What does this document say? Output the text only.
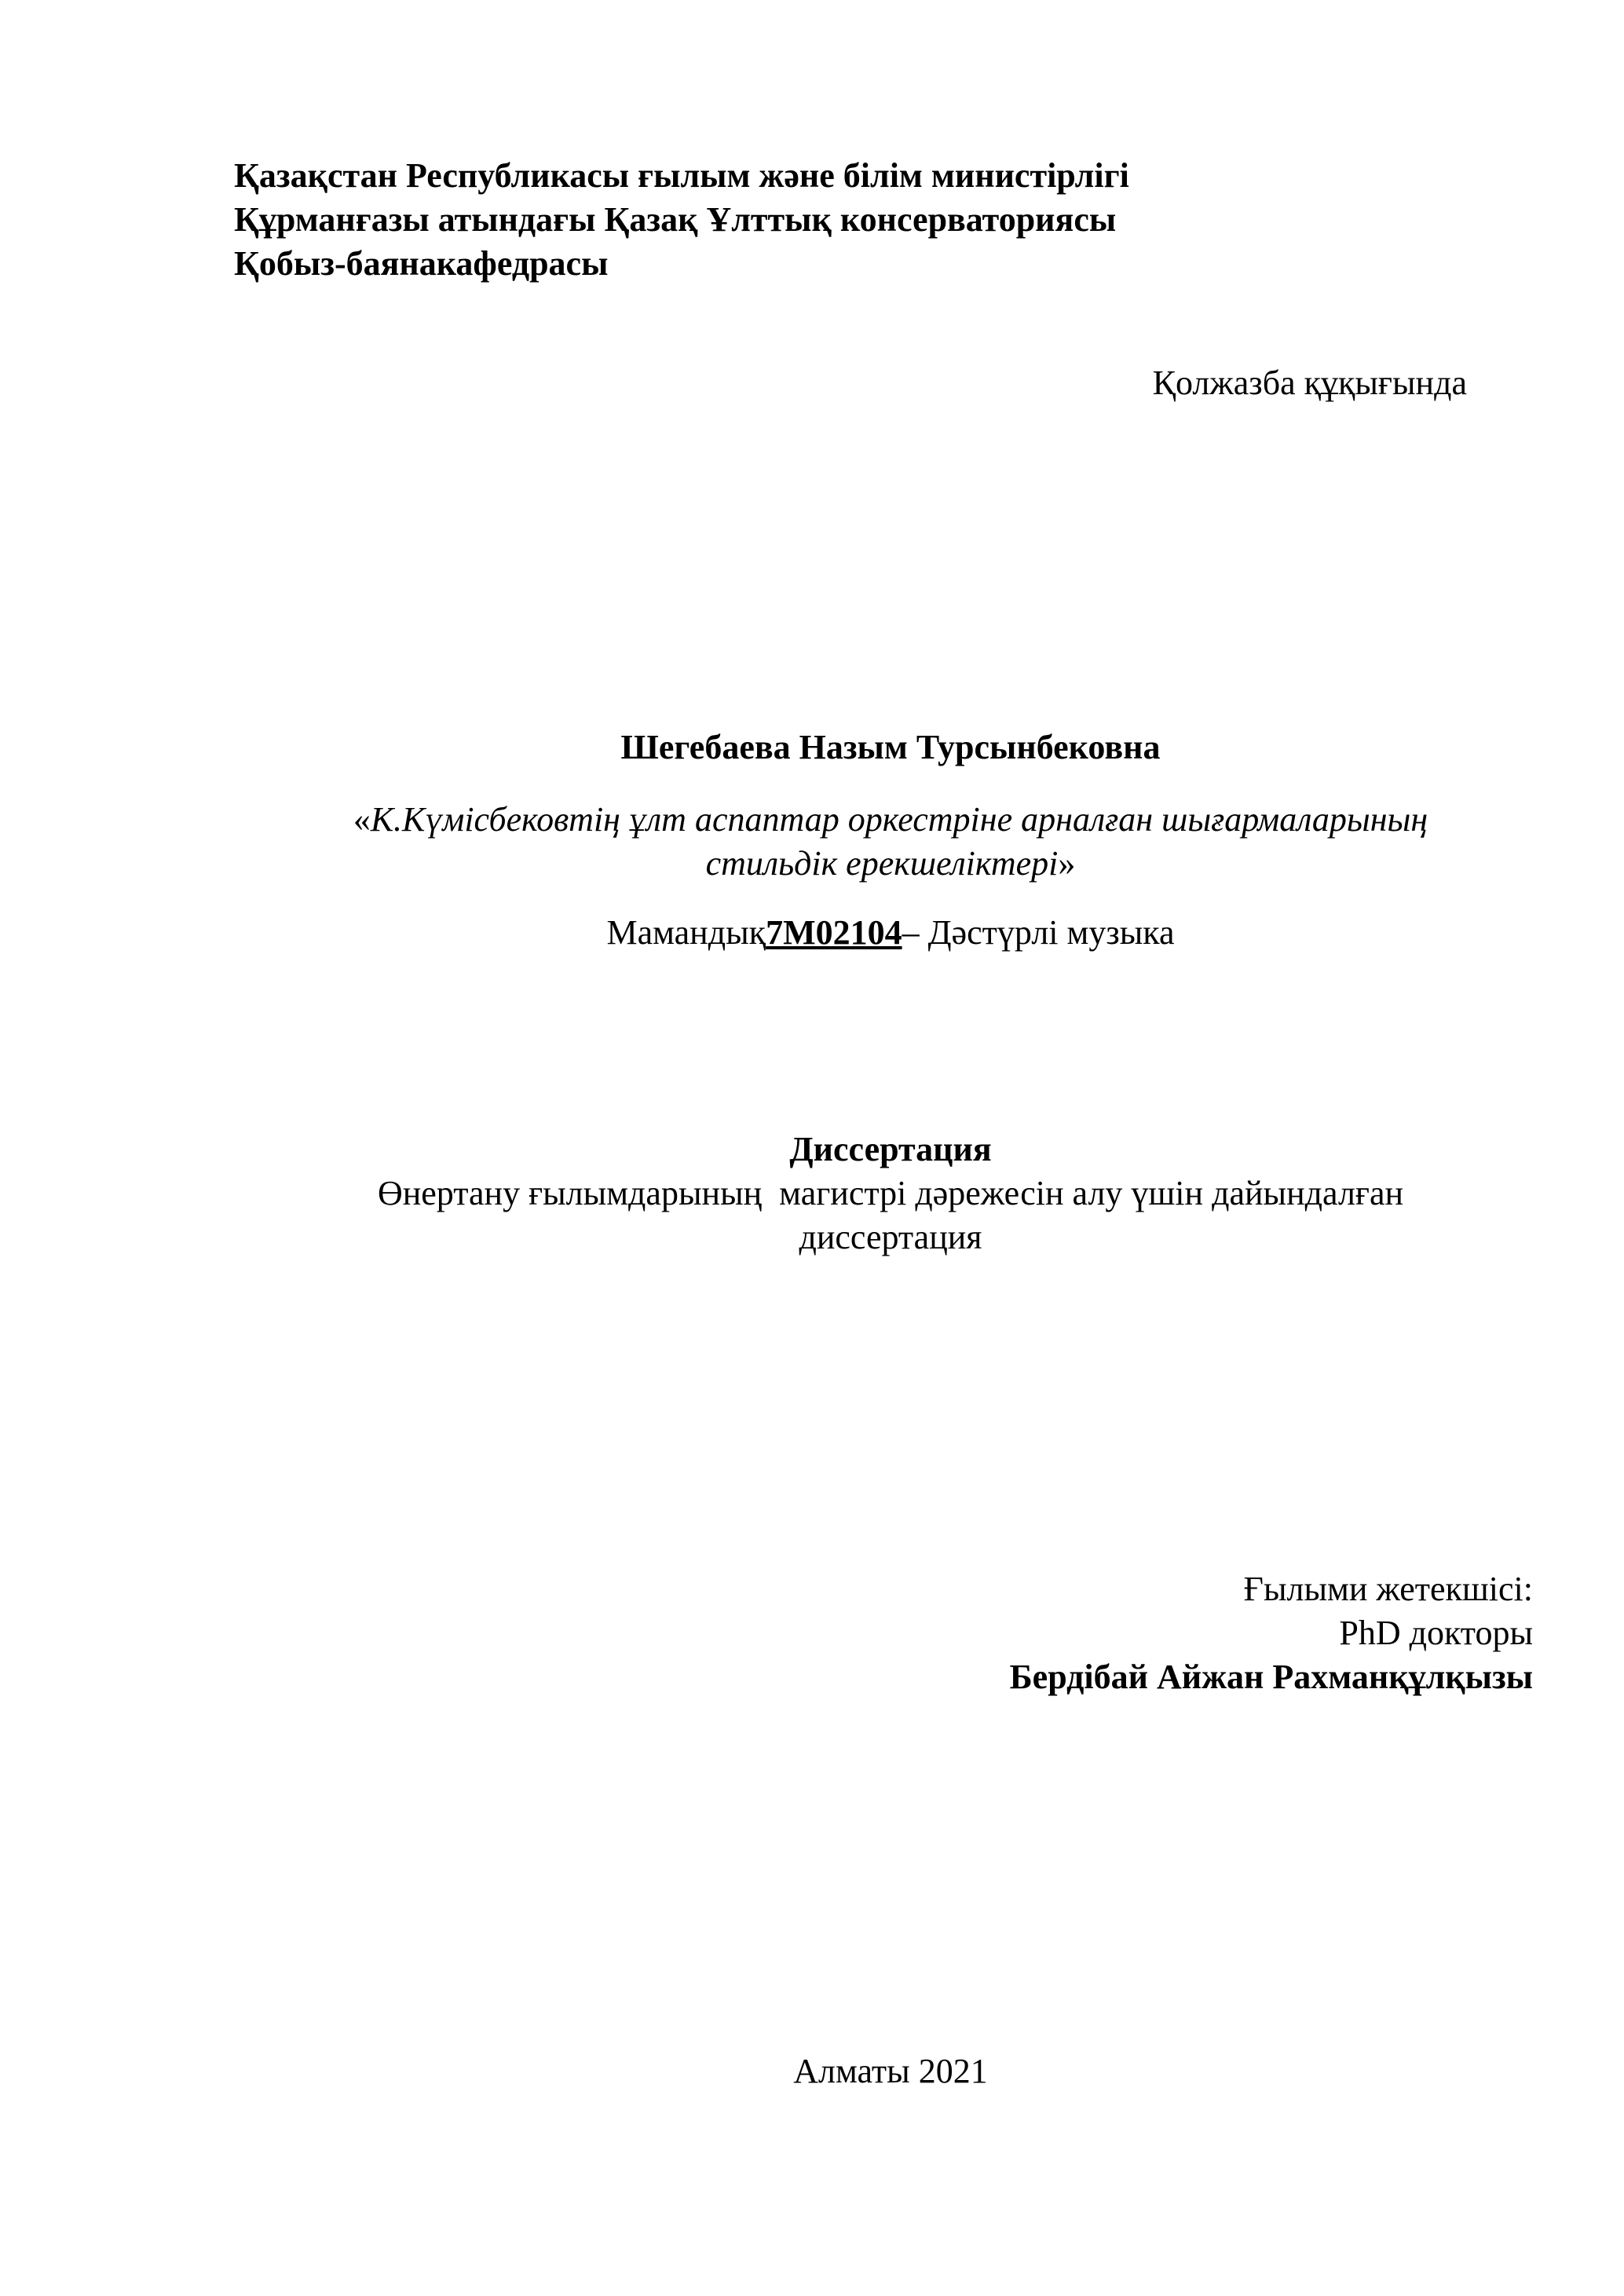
Қазақстан Республикасы ғылым және білім министірлігі
Құрманғазы атындағы Қазақ Ұлттық консерваториясы
Қобыз-баянакафедрасы
Қолжазба құқығында
Шегебаева Назым Турсынбековна
«К.Күмісбековтің ұлт аспаптар оркестріне арналған шығармаларының
стильдік ерекшеліктері»
Мамандық7M02104– Дәстүрлі музыка
Диссертация
Өнертану ғылымдарының  магистрі дәрежесін алу үшін дайындалған
диссертация
Ғылыми жетекшісі:
PhD докторы
Бердібай Айжан Рахманқұлқызы
Алматы 2021
